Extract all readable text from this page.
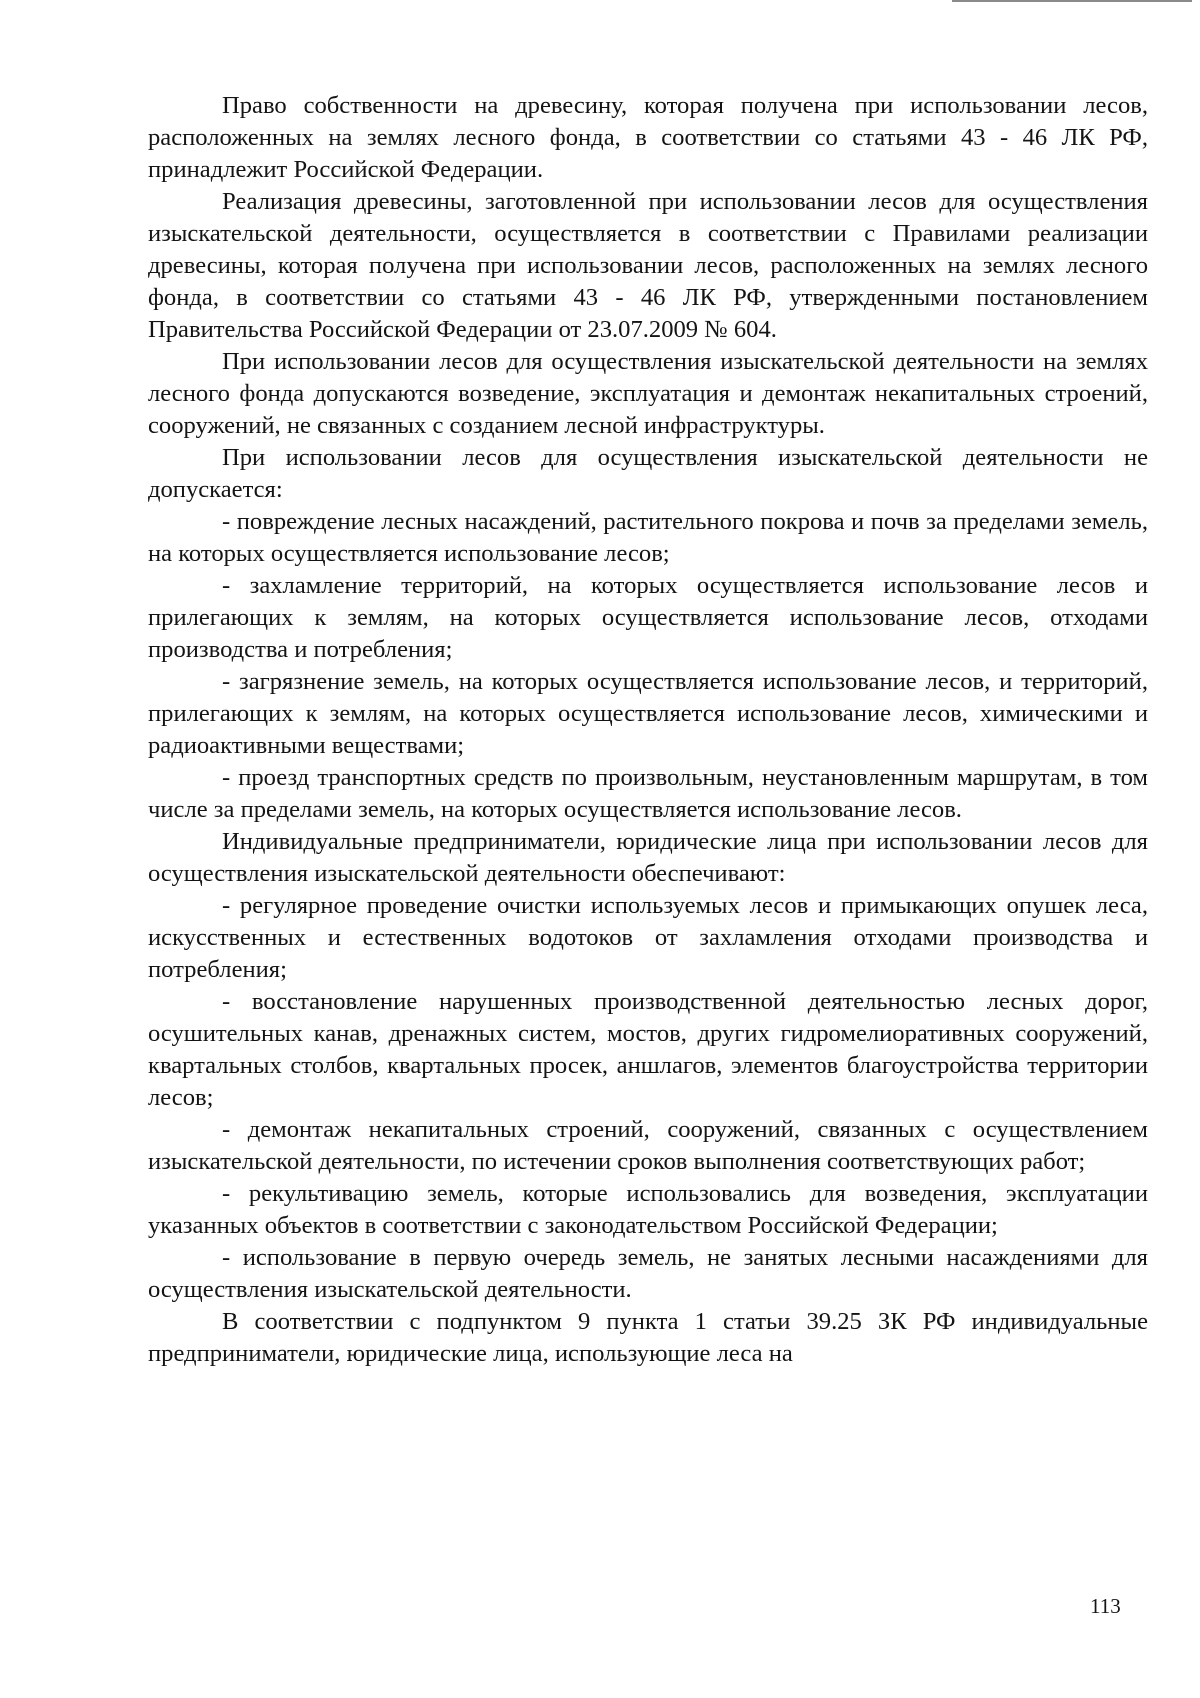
Право собственности на древесину, которая получена при использовании лесов, расположенных на землях лесного фонда, в соответствии со статьями 43 - 46 ЛК РФ, принадлежит Российской Федерации.

Реализация древесины, заготовленной при использовании лесов для осуществления изыскательской деятельности, осуществляется в соответствии с Правилами реализации древесины, которая получена при использовании лесов, расположенных на землях лесного фонда, в соответствии со статьями 43 - 46 ЛК РФ, утвержденными постановлением Правительства Российской Федерации от 23.07.2009 № 604.

При использовании лесов для осуществления изыскательской деятельности на землях лесного фонда допускаются возведение, эксплуатация и демонтаж некапитальных строений, сооружений, не связанных с созданием лесной инфраструктуры.

При использовании лесов для осуществления изыскательской деятельности не допускается:

- повреждение лесных насаждений, растительного покрова и почв за пределами земель, на которых осуществляется использование лесов;

- захламление территорий, на которых осуществляется использование лесов и прилегающих к землям, на которых осуществляется использование лесов, отходами производства и потребления;

- загрязнение земель, на которых осуществляется использование лесов, и территорий, прилегающих к землям, на которых осуществляется использование лесов, химическими и радиоактивными веществами;

- проезд транспортных средств по произвольным, неустановленным маршрутам, в том числе за пределами земель, на которых осуществляется использование лесов.

Индивидуальные предприниматели, юридические лица при использовании лесов для осуществления изыскательской деятельности обеспечивают:

- регулярное проведение очистки используемых лесов и примыкающих опушек леса, искусственных и естественных водотоков от захламления отходами производства и потребления;

- восстановление нарушенных производственной деятельностью лесных дорог, осушительных канав, дренажных систем, мостов, других гидромелиоративных сооружений, квартальных столбов, квартальных просек, аншлагов, элементов благоустройства территории лесов;

- демонтаж некапитальных строений, сооружений, связанных с осуществлением изыскательской деятельности, по истечении сроков выполнения соответствующих работ;

- рекультивацию земель, которые использовались для возведения, эксплуатации указанных объектов в соответствии с законодательством Российской Федерации;

- использование в первую очередь земель, не занятых лесными насаждениями для осуществления изыскательской деятельности.

В соответствии с подпунктом 9 пункта 1 статьи 39.25 ЗК РФ индивидуальные предприниматели, юридические лица, использующие леса на

113
